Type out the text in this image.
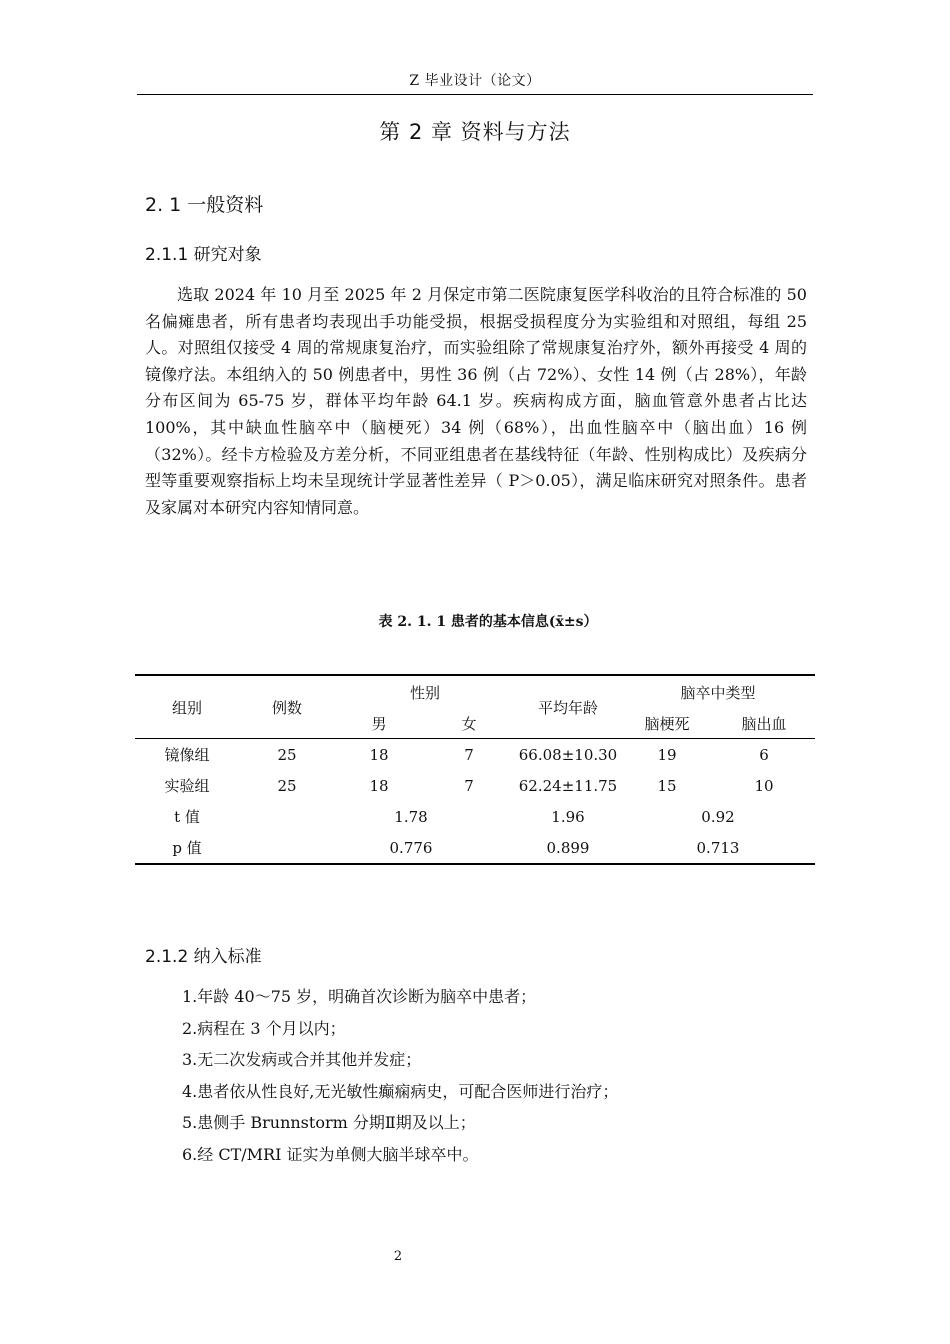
Z 毕业设计（论文）
第 2 章 资料与方法
2. 1 一般资料
2.1.1 研究对象

选取 2024 年 10 月至 2025 年 2 月保定市第二医院康复医学科收治的且符合标准的 50 名偏瘫患者，所有患者均表现出手功能受损，根据受损程度分为实验组和对照组，每组 25 人。对照组仅接受 4 周的常规康复治疗，而实验组除了常规康复治疗外，额外再接受 4 周的镜像疗法。本组纳入的 50 例患者中，男性 36 例（占 72%）、女性 14 例（占 28%），年龄分布区间为 65-75 岁，群体平均年龄 64.1 岁。疾病构成方面，脑血管意外患者占比达 100%，其中缺血性脑卒中（脑梗死）34 例（68%），出血性脑卒中（脑出血）16 例（32%）。经卡方检验及方差分析，不同亚组患者在基线特征（年龄、性别构成比）及疾病分型等重要观察指标上均未呈现统计学显著性差异（ P＞0.05），满足临床研究对照条件。患者及家属对本研究内容知情同意。

表 2. 1. 1 患者的基本信息(x̄±s）
组别	例数	性别		平均年龄	脑卒中类型	
		男	女		脑梗死	脑出血
镜像组	25	18	7	66.08±10.30	19	6
实验组	25	18	7	62.24±11.75	15	10
t 值	1.78			1.96	0.92	
p 值	0.776			0.899	0.713	
2.1.2 纳入标准
1.年龄 40～75 岁，明确首次诊断为脑卒中患者；
2.病程在 3 个月以内；
3.无二次发病或合并其他并发症；
4.患者依从性良好,无光敏性癫痫病史，可配合医师进行治疗；
5.患侧手 Brunnstorm 分期Ⅱ期及以上；
6.经 CT/MRI 证实为单侧大脑半球卒中。
2
